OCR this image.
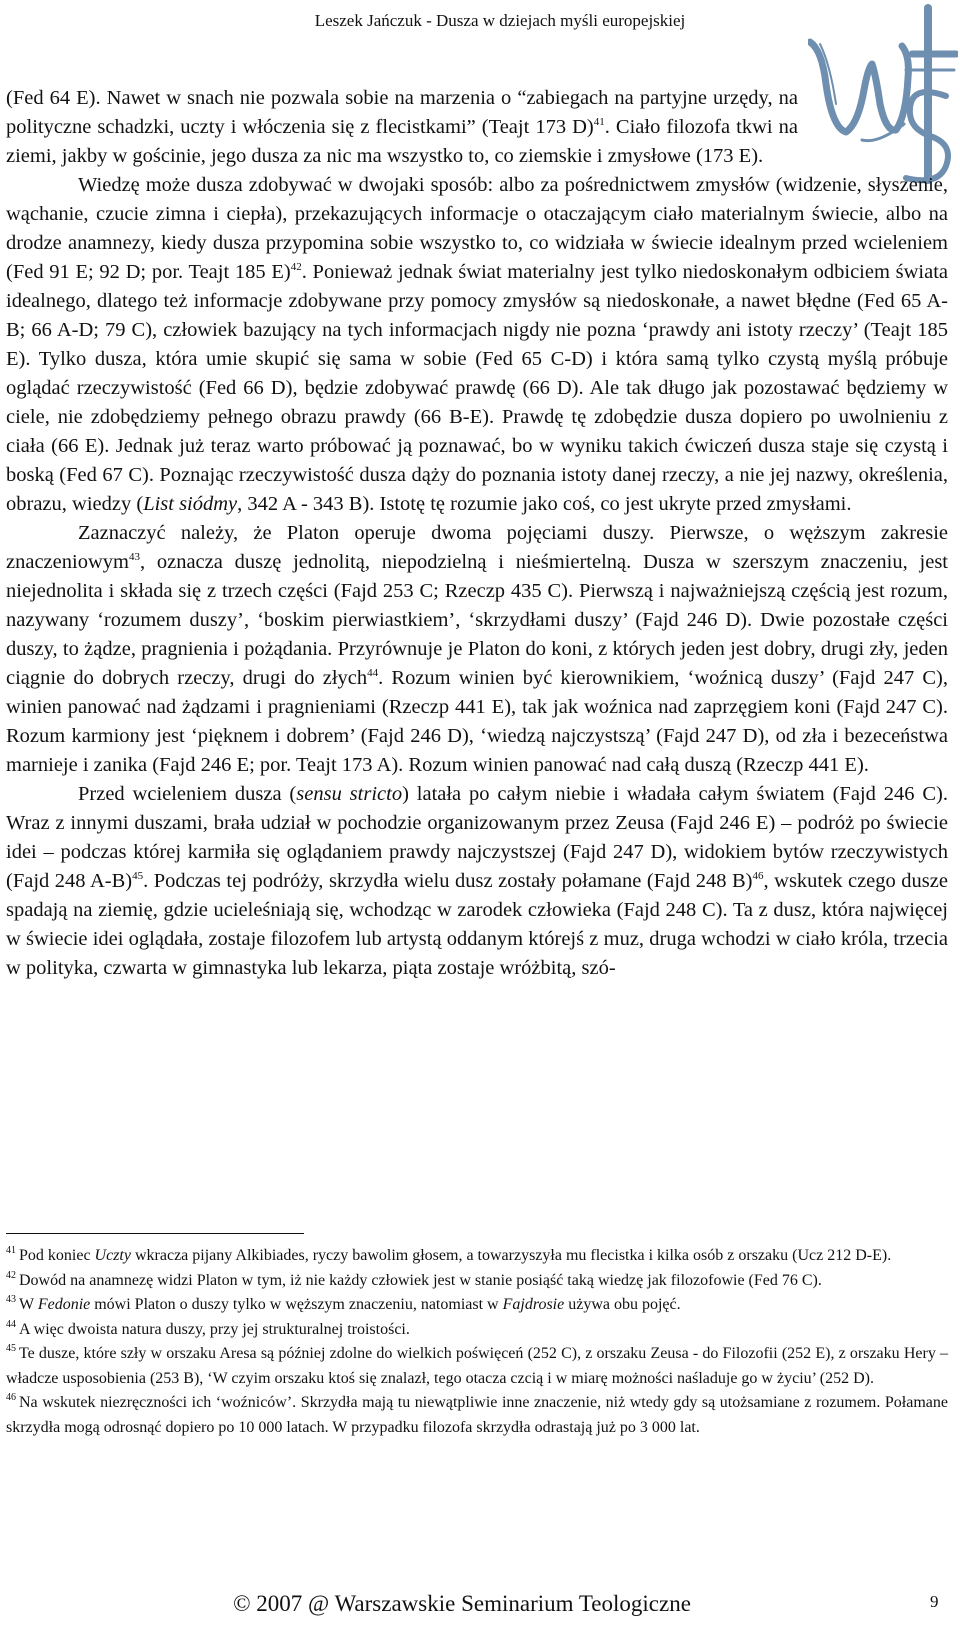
Leszek Jańczuk - Dusza w dziejach myśli europejskiej

(Fed 64 E). Nawet w snach nie pozwala sobie na marzenia o “zabiegach na partyjne urzędy, na polityczne schadzki, uczty i włóczenia się z flecistkami” (Teajt 173 D)$^{41}$. Ciało filozofa tkwi na ziemi, jakby w gościnie, jego dusza za nic ma wszystko to, co ziemskie i zmysłowe (173 E).

Wiedzę może dusza zdobywać w dwojaki sposób: albo za pośrednictwem zmysłów (widzenie, słyszenie, wąchanie, czucie zimna i ciepła), przekazujących informacje o otaczającym ciało materialnym świecie, albo na drodze anamnezy, kiedy dusza przypomina sobie wszystko to, co widziała w świecie idealnym przed wcieleniem (Fed 91 E; 92 D; por. Teajt 185 E)$^{42}$. Ponieważ jednak świat materialny jest tylko niedoskonałym odbiciem świata idealnego, dlatego też informacje zdobywane przy pomocy zmysłów są niedoskonałe, a nawet błędne (Fed 65 A-B; 66 A-D; 79 C), człowiek bazujący na tych informacjach nigdy nie pozna ‘prawdy ani istoty rzeczy’ (Teajt 185 E). Tylko dusza, która umie skupić się sama w sobie (Fed 65 C-D) i która samą tylko czystą myślą próbuje oglądać rzeczywistość (Fed 66 D), będzie zdobywać prawdę (66 D). Ale tak długo jak pozostawać będziemy w ciele, nie zdobędziemy pełnego obrazu prawdy (66 B-E). Prawdę tę zdobędzie dusza dopiero po uwolnieniu z ciała (66 E). Jednak już teraz warto próbować ją poznawać, bo w wyniku takich ćwiczeń dusza staje się czystą i boską (Fed 67 C). Poznając rzeczywistość dusza dąży do poznania istoty danej rzeczy, a nie jej nazwy, określenia, obrazu, wiedzy (List siódmy, 342 A - 343 B). Istotę tę rozumie jako coś, co jest ukryte przed zmysłami.

Zaznaczyć należy, że Platon operuje dwoma pojęciami duszy. Pierwsze, o węższym zakresie znaczeniowym$^{43}$, oznacza duszę jednolitą, niepodzielną i nieśmiertelną. Dusza w szerszym znaczeniu, jest niejednolita i składa się z trzech części (Fajd 253 C; Rzeczp 435 C). Pierwszą i najważniejszą częścią jest rozum, nazywany ‘rozumem duszy’, ‘boskim pierwiastkiem’, ‘skrzydłami duszy’ (Fajd 246 D). Dwie pozostałe części duszy, to żądze, pragnienia i pożądania. Przyrównuje je Platon do koni, z których jeden jest dobry, drugi zły, jeden ciągnie do dobrych rzeczy, drugi do złych$^{44}$. Rozum winien być kierownikiem, ‘woźnicą duszy’ (Fajd 247 C), winien panować nad żądzami i pragnieniami (Rzeczp 441 E), tak jak woźnica nad zaprzęgiem koni (Fajd 247 C). Rozum karmiony jest ‘pięknem i dobrem’ (Fajd 246 D), ‘wiedzą najczystszą’ (Fajd 247 D), od zła i bezeceństwa marnieje i zanika (Fajd 246 E; por. Teajt 173 A). Rozum winien panować nad całą duszą (Rzeczp 441 E).

Przed wcieleniem dusza (sensu stricto) latała po całym niebie i władała całym światem (Fajd 246 C). Wraz z innymi duszami, brała udział w pochodzie organizowanym przez Zeusa (Fajd 246 E) – podróż po świecie idei – podczas której karmiła się oglądaniem prawdy najczystszej (Fajd 247 D), widokiem bytów rzeczywistych (Fajd 248 A-B)$^{45}$. Podczas tej podróży, skrzydła wielu dusz zostały połamane (Fajd 248 B)$^{46}$, wskutek czego dusze spadają na ziemię, gdzie ucieleśniają się, wchodząc w zarodek człowieka (Fajd 248 C). Ta z dusz, która najwięcej w świecie idei oglądała, zostaje filozofem lub artystą oddanym którejś z muz, druga wchodzi w ciało króla, trzecia w polityka, czwarta w gimnastyka lub lekarza, piąta zostaje wróżbitą, szó-

$^{41}$ Pod koniec Uczty wkracza pijany Alkibiades, ryczy bawolim głosem, a towarzyszyła mu flecistka i kilka osób z orszaku (Ucz 212 D-E).

$^{42}$ Dowód na anamnezę widzi Platon w tym, iż nie każdy człowiek jest w stanie posiąść taką wiedzę jak filozofowie (Fed 76 C).

$^{43}$ W Fedonie mówi Platon o duszy tylko w węższym znaczeniu, natomiast w Fajdrosie używa obu pojęć.

$^{44}$ A więc dwoista natura duszy, przy jej strukturalnej troistości.

$^{45}$ Te dusze, które szły w orszaku Aresa są później zdolne do wielkich poświęceń (252 C), z orszaku Zeusa - do Filozofii (252 E), z orszaku Hery – władcze usposobienia (253 B), ‘W czyim orszaku ktoś się znalazł, tego otacza czcią i w miarę możności naśladuje go w życiu’ (252 D).

$^{46}$ Na wskutek niezręczności ich ‘woźniców’. Skrzydła mają tu niewątpliwie inne znaczenie, niż wtedy gdy są utożsamiane z rozumem. Połamane skrzydła mogą odrosnąć dopiero po 10 000 latach. W przypadku filozofa skrzydła odrastają już po 3 000 lat.

© 2007 @ Warszawskie Seminarium Teologiczne	9
